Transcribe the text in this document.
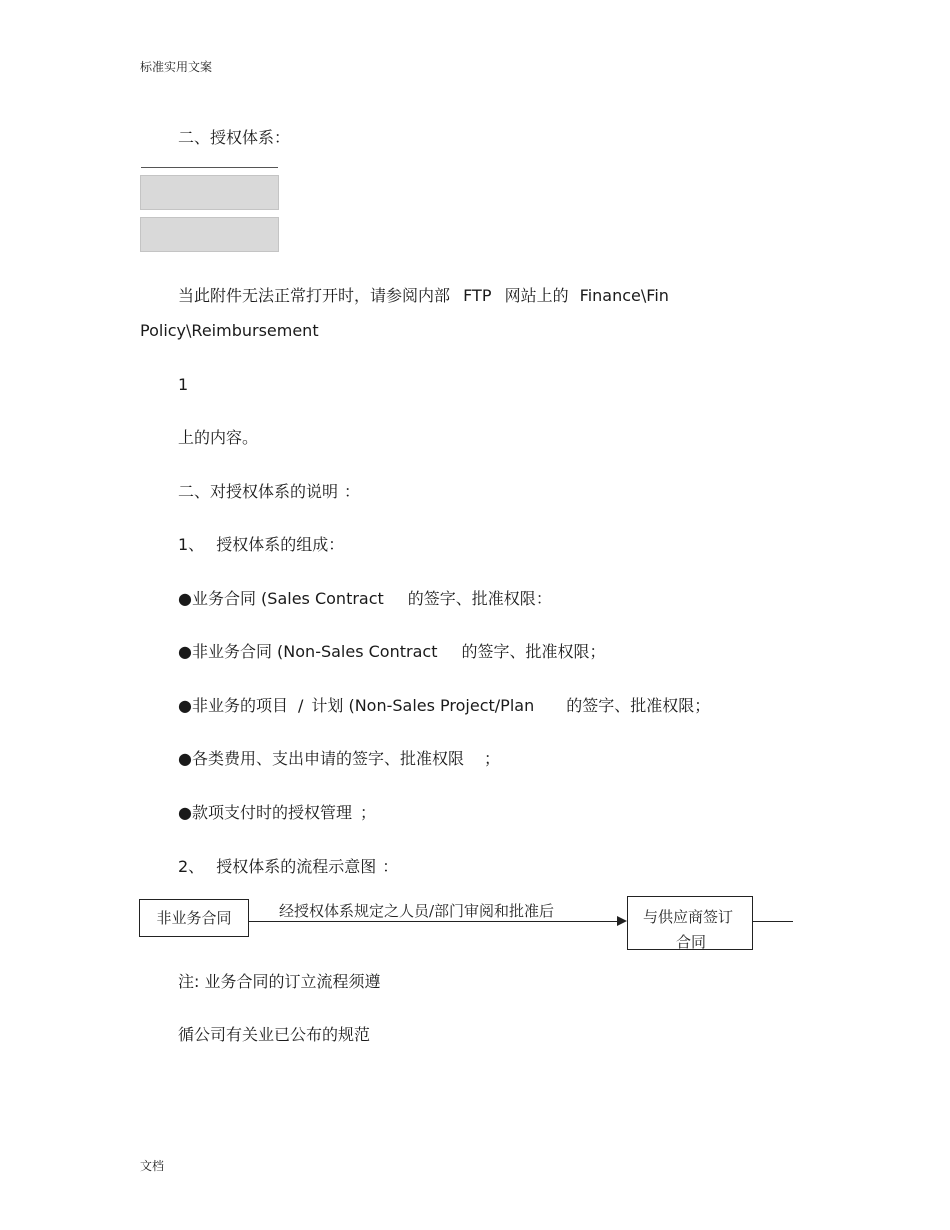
标准实用文案
二、授权体系：
当此附件无法正常打开时，请参阅内部 FTP 网站上的 Finance\Fin
Policy\Reimbursement
1
上的内容。
二、对授权体系的说明 ：
1、 授权体系的组成：
●业务合同 (Sales Contract 的签字、批准权限：
●非业务合同 (Non-Sales Contract 的签字、批准权限；
●非业务的项目 / 计划 (Non-Sales Project/Plan 的签字、批准权限；
●各类费用、支出申请的签字、批准权限 ；
●款项支付时的授权管理 ；
2、 授权体系的流程示意图 ：
非业务合同	经授权体系规定之人员/部门审阅和批准后	与供应商签订
合同
注: 业务合同的订立流程须遵
循公司有关业已公布的规范
文档
